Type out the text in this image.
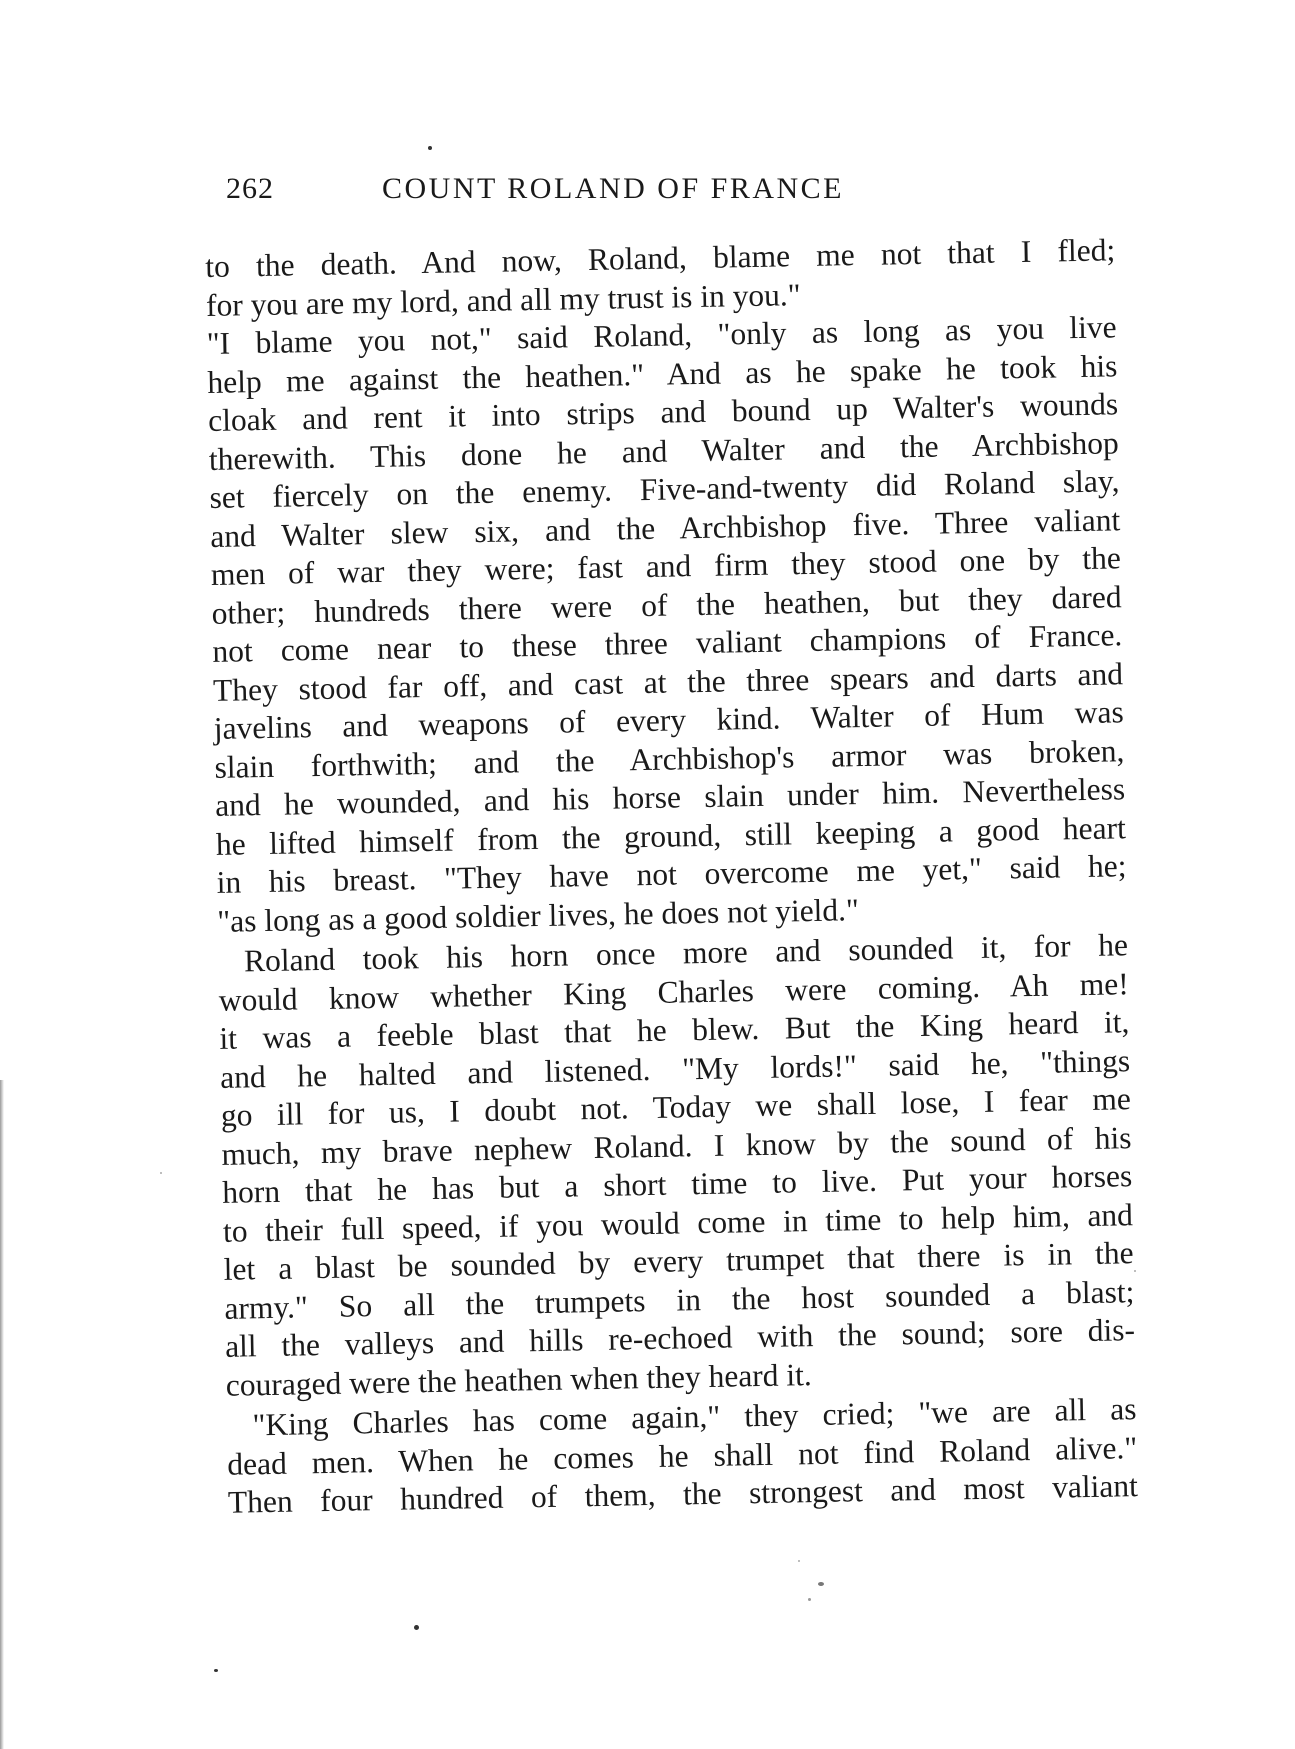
262	COUNT ROLAND OF FRANCE
to the death. And now, Roland, blame me not that I fled;
for you are my lord, and all my trust is in you."
"I blame you not," said Roland, "only as long as you live
help me against the heathen." And as he spake he took his
cloak and rent it into strips and bound up Walter's wounds
therewith. This done he and Walter and the Archbishop
set fiercely on the enemy. Five-and-twenty did Roland slay,
and Walter slew six, and the Archbishop five. Three valiant
men of war they were; fast and firm they stood one by the
other; hundreds there were of the heathen, but they dared
not come near to these three valiant champions of France.
They stood far off, and cast at the three spears and darts and
javelins and weapons of every kind. Walter of Hum was
slain forthwith; and the Archbishop's armor was broken,
and he wounded, and his horse slain under him. Nevertheless
he lifted himself from the ground, still keeping a good heart
in his breast. "They have not overcome me yet," said he;
"as long as a good soldier lives, he does not yield."
Roland took his horn once more and sounded it, for he
would know whether King Charles were coming. Ah me!
it was a feeble blast that he blew. But the King heard it,
and he halted and listened. "My lords!" said he, "things
go ill for us, I doubt not. Today we shall lose, I fear me
much, my brave nephew Roland. I know by the sound of his
horn that he has but a short time to live. Put your horses
to their full speed, if you would come in time to help him, and
let a blast be sounded by every trumpet that there is in the
army." So all the trumpets in the host sounded a blast;
all the valleys and hills re-echoed with the sound; sore dis-
couraged were the heathen when they heard it.
"King Charles has come again," they cried; "we are all as
dead men. When he comes he shall not find Roland alive."
Then four hundred of them, the strongest and most valiant
